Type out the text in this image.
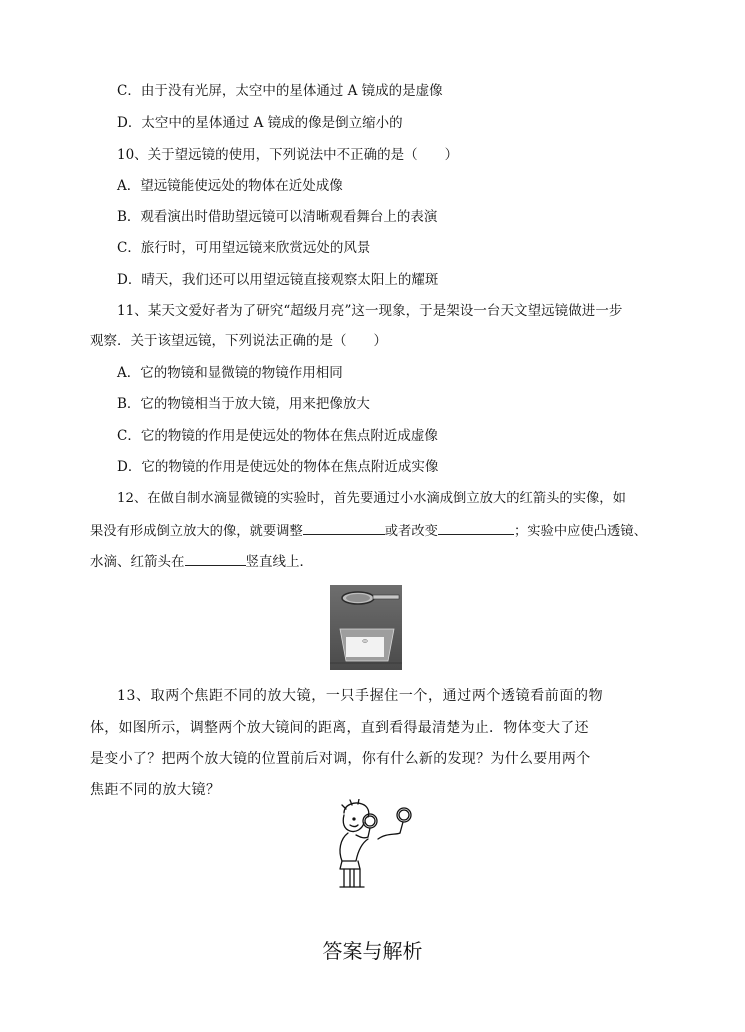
C．由于没有光屏，太空中的星体通过 A 镜成的是虚像
D．太空中的星体通过 A 镜成的像是倒立缩小的
10、关于望远镜的使用，下列说法中不正确的是（　　）
A．望远镜能使远处的物体在近处成像
B．观看演出时借助望远镜可以清晰观看舞台上的表演
C．旅行时，可用望远镜来欣赏远处的风景
D．晴天，我们还可以用望远镜直接观察太阳上的耀斑
11、某天文爱好者为了研究“超级月亮”这一现象，于是架设一台天文望远镜做进一步
观察．关于该望远镜，下列说法正确的是（　　）
A．它的物镜和显微镜的物镜作用相同
B．它的物镜相当于放大镜，用来把像放大
C．它的物镜的作用是使远处的物体在焦点附近成虚像
D．它的物镜的作用是使远处的物体在焦点附近成实像
12、在做自制水滴显微镜的实验时，首先要通过小水滴成倒立放大的红箭头的实像，如
果没有形成倒立放大的像，就要调整	或者改变	；实验中应使凸透镜、
水滴、红箭头在	竖直线上．
13、取两个焦距不同的放大镜，一只手握住一个，通过两个透镜看前面的物
体，如图所示，调整两个放大镜间的距离，直到看得最清楚为止．物体变大了还
是变小了？把两个放大镜的位置前后对调，你有什么新的发现？为什么要用两个
焦距不同的放大镜？
答案与解析
